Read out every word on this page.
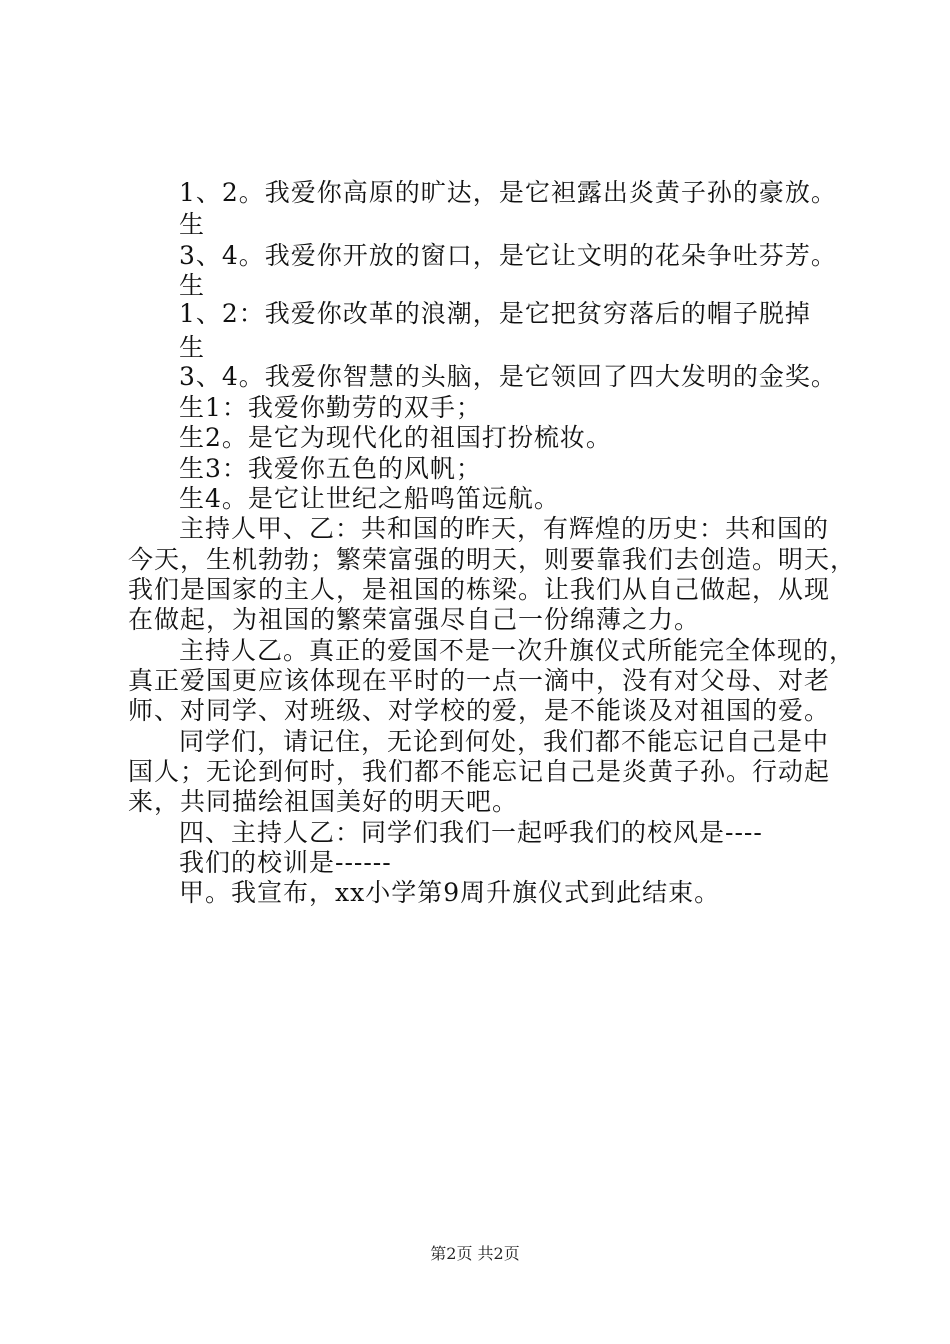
1、2。我爱你高原的旷达，是它袒露出炎黄子孙的豪放。
生
3、4。我爱你开放的窗口，是它让文明的花朵争吐芬芳。
生
1、2：我爱你改革的浪潮，是它把贫穷落后的帽子脱掉
生
3、4。我爱你智慧的头脑，是它领回了四大发明的金奖。
生1：我爱你勤劳的双手；
生2。是它为现代化的祖国打扮梳妆。
生3：我爱你五色的风帆；
生4。是它让世纪之船鸣笛远航。
主持人甲、乙：共和国的昨天，有辉煌的历史：共和国的
今天，生机勃勃；繁荣富强的明天，则要靠我们去创造。明天，
我们是国家的主人，是祖国的栋梁。让我们从自己做起，从现
在做起，为祖国的繁荣富强尽自己一份绵薄之力。
主持人乙。真正的爱国不是一次升旗仪式所能完全体现的，
真正爱国更应该体现在平时的一点一滴中，没有对父母、对老
师、对同学、对班级、对学校的爱，是不能谈及对祖国的爱。
同学们，请记住，无论到何处，我们都不能忘记自己是中
国人；无论到何时，我们都不能忘记自己是炎黄子孙。行动起
来，共同描绘祖国美好的明天吧。
四、主持人乙：同学们我们一起呼我们的校风是----
我们的校训是------
甲。我宣布，xx小学第9周升旗仪式到此结束。
第2页 共2页
